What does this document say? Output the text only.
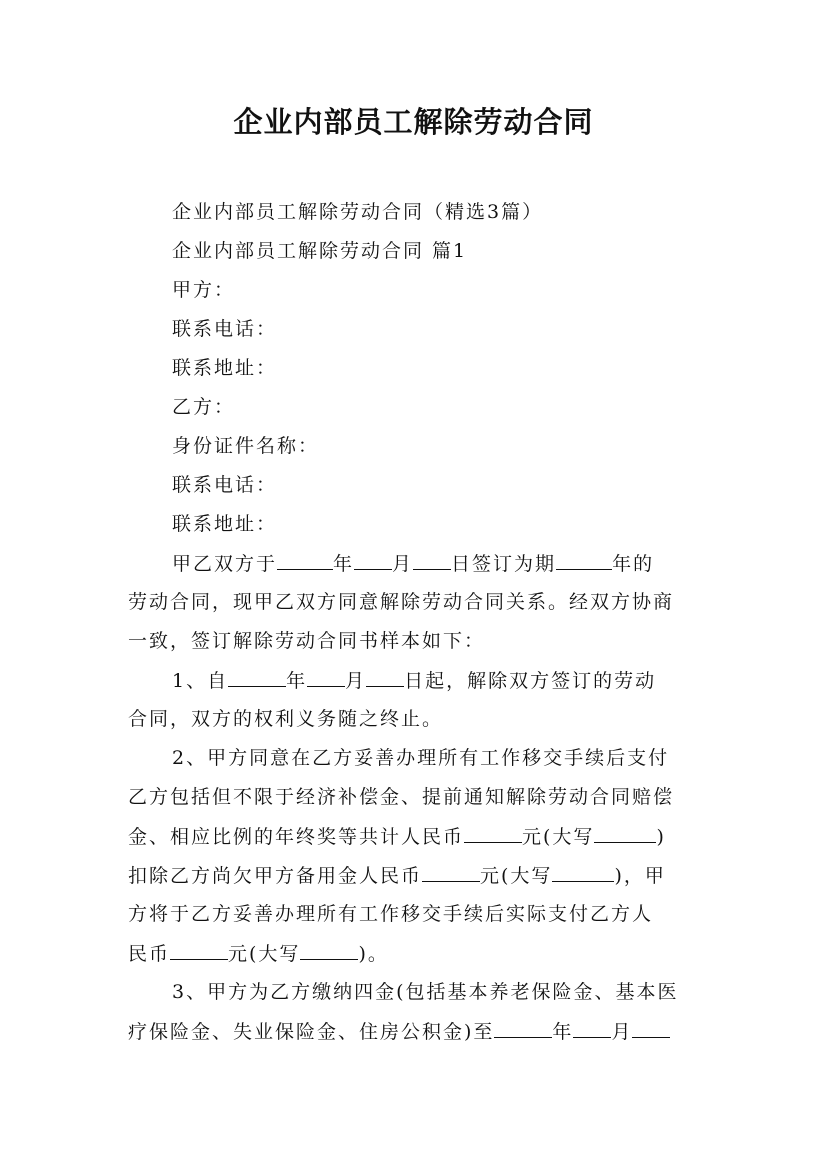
企业内部员工解除劳动合同
企业内部员工解除劳动合同（精选3篇）
企业内部员工解除劳动合同 篇1
甲方：
联系电话：
联系地址：
乙方：
身份证件名称：
联系电话：
联系地址：
甲乙双方于	年 月 日签订为期	年的
劳动合同，现甲乙双方同意解除劳动合同关系。经双方协商
一致，签订解除劳动合同书样本如下：
1、自	年 月 日起，解除双方签订的劳动
合同，双方的权利义务随之终止。
2、甲方同意在乙方妥善办理所有工作移交手续后支付
乙方包括但不限于经济补偿金、提前通知解除劳动合同赔偿
金、相应比例的年终奖等共计人民币	元(大写	)
扣除乙方尚欠甲方备用金人民币	元(大写	)，甲
方将于乙方妥善办理所有工作移交手续后实际支付乙方人
民币	元(大写	)。
3、甲方为乙方缴纳四金(包括基本养老保险金、基本医
疗保险金、失业保险金、住房公积金)至	年 月
